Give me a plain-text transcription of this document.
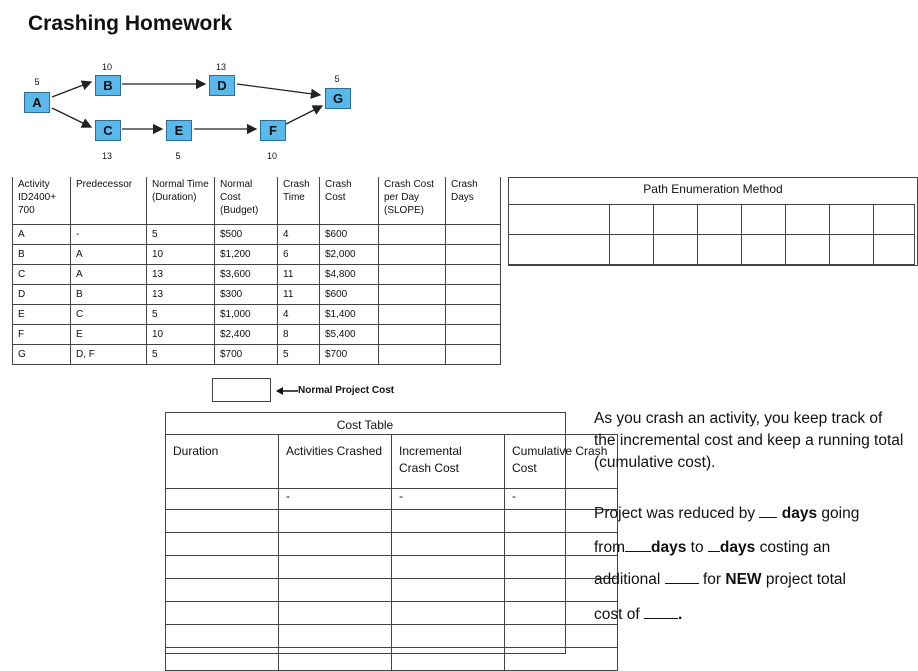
Crashing Homework
A
5	B
10
C
13
D
13
E
5
F
10
G
5
Activity ID2400+ 700	Predecessor	Normal Time (Duration)	Normal Cost (Budget)	Crash Time	Crash Cost	Crash Cost per Day (SLOPE)	Crash Days
A	-	5	$500	4	$600		
B	A	10	$1,200	6	$2,000		
C	A	13	$3,600	11	$4,800		
D	B	13	$300	11	$600		
E	C	5	$1,000	4	$1,400		
F	E	10	$2,400	8	$5,400		
G	D, F	5	$700	5	$700		
Normal Project Cost
Path Enumeration Method

Cost Table
Duration	Activities Crashed	Incremental Crash Cost	Cumulative Crash Cost
	-	-	-

As you crash an activity, you keep track of the incremental cost and keep a running total (cumulative cost).
Project was reduced by days going
from days to days costing an
additional	for NEW project total
cost of .
